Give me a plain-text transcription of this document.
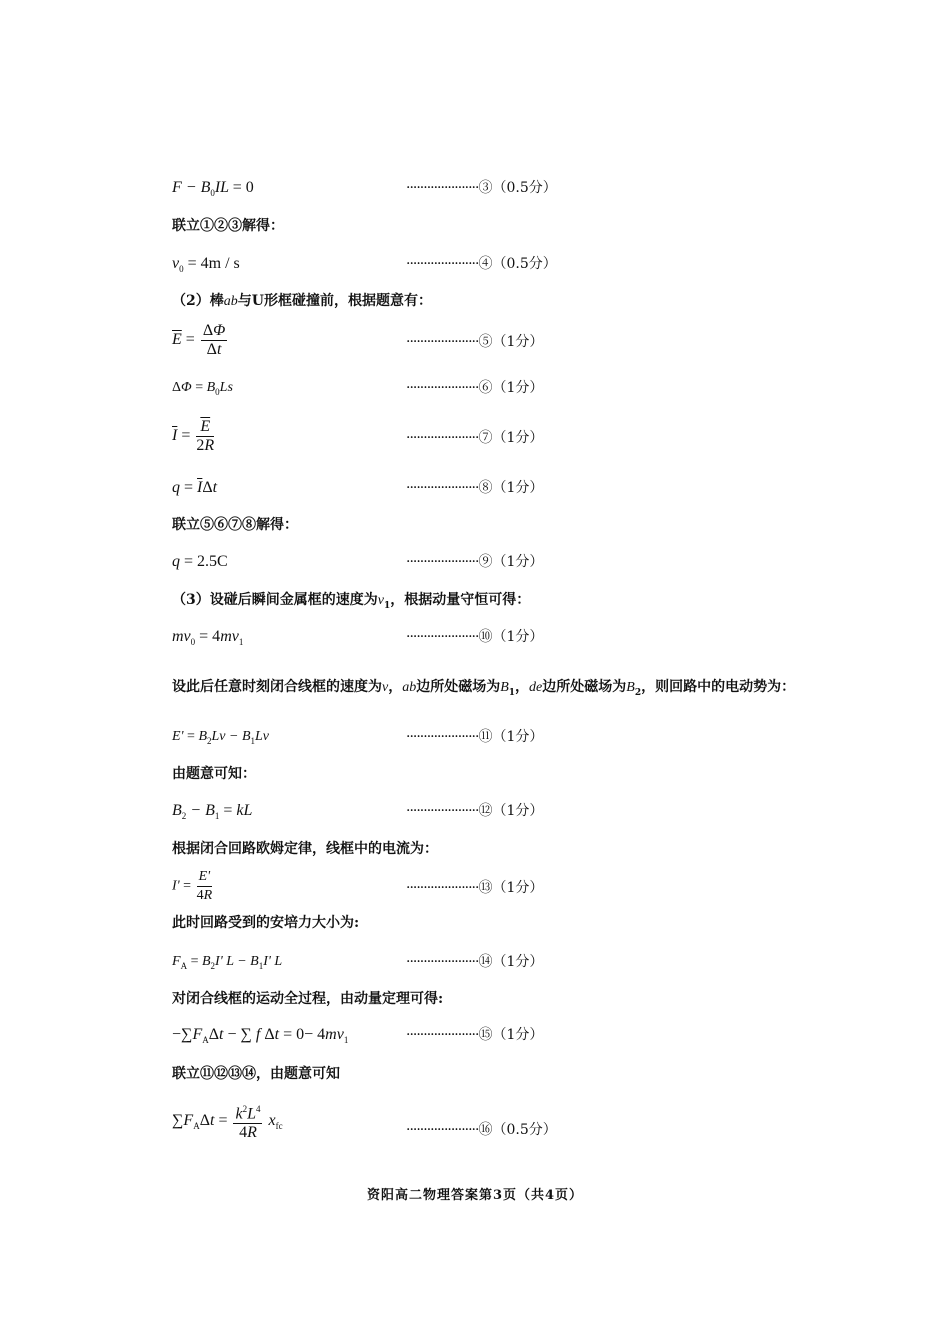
$F - B_0IL = 0$	·····················③（0.5分）
联立①②③解得：
$v_0 = 4m / s$	·····················④（0.5分）
（2）棒ab与U形框碰撞前，根据题意有：
$\overline{E} = \frac{\Delta\Phi}{\Delta t}$	·····················⑤（1分）
$\Delta\Phi = B_0Ls$	·····················⑥（1分）
$\overline{I} = \frac{\overline{E}}{2R}$	·····················⑦（1分）
$q = \overline{I}\Delta t$	·····················⑧（1分）
联立⑤⑥⑦⑧解得：
q = 2.5C	·····················⑨（1分）
（3）设碰后瞬间金属框的速度为$v_1$，根据动量守恒可得：
$mv_0 = 4mv_1$	·····················⑩（1分）
设此后任意时刻闭合线框的速度为v，ab边所处磁场为$B_1$，de边所处磁场为$B_2$，则回路中的电动势为：
$E' = B_2Lv - B_1Lv$	·····················⑪（1分）
由题意可知：
$B_2 - B_1$ = kL	·····················⑫（1分）
根据闭合回路欧姆定律，线框中的电流为：
$I' = \frac{E'}{4R}$	·····················⑬（1分）
此时回路受到的安培力大小为:
$F_A = B_2I'$ $L - B_1I'$ L	·····················⑭（1分）
对闭合线框的运动全过程，由动量定理可得:
$-\sum F_A\Delta t$ − ∑ f $\Delta t = 0- 4mv_1$	·····················⑮（1分）
联立⑪⑫⑬⑭，由题意可知
$\sum F_A\Delta t = \frac{k^2L^4}{4R} x_{fc}$	·····················⑯（0.5分）
资阳高二物理答案第3页（共4页）
